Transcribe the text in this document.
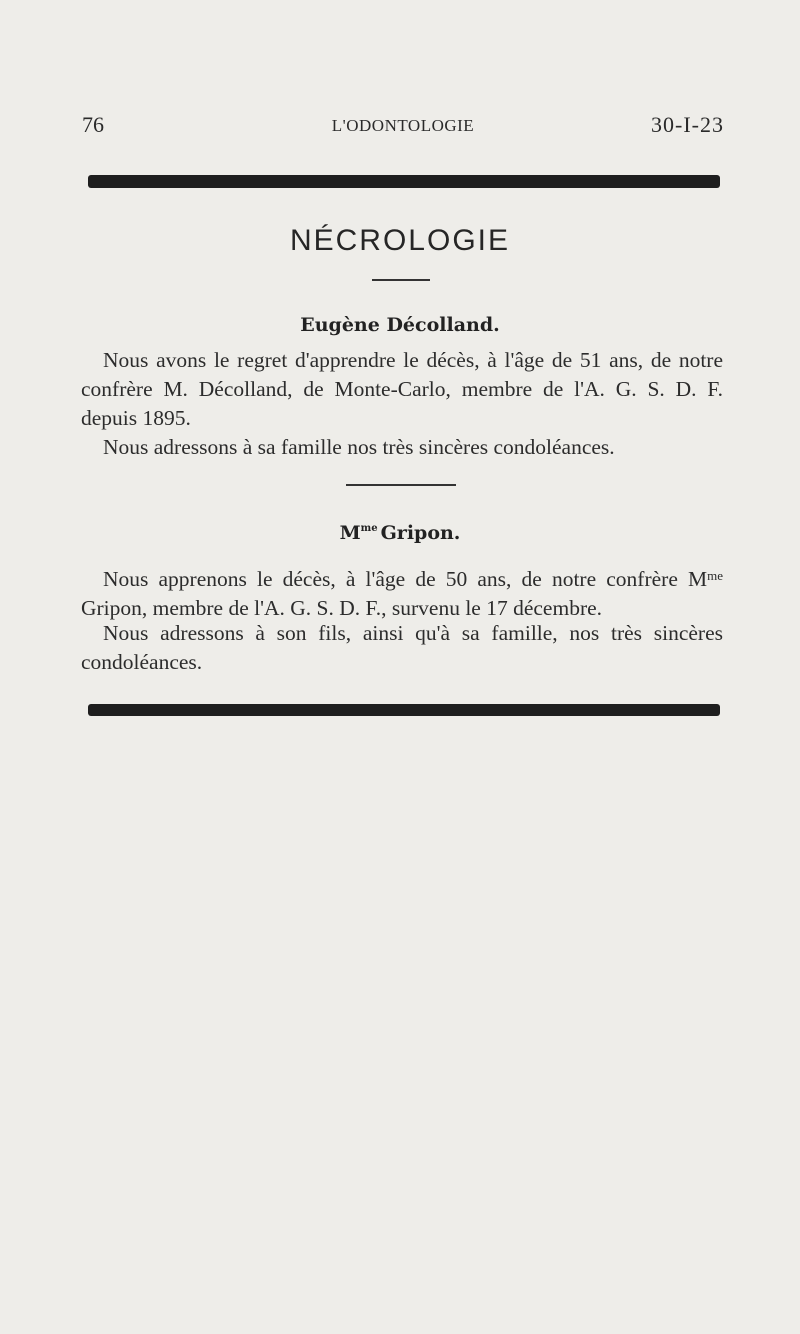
76	L'ODONTOLOGIE	30-I-23
NÉCROLOGIE
Eugène Décolland.
Nous avons le regret d'apprendre le décès, à l'âge de 51 ans, de notre confrère M. Décolland, de Monte-Carlo, membre de l'A. G. S. D. F. depuis 1895.
Nous adressons à sa famille nos très sincères condoléances.
$M^{me}$ Gripon.
Nous apprenons le décès, à l'âge de 50 ans, de notre confrère $M^{me}$ Gripon, membre de l'A. G. S. D. F., survenu le 17 décembre.
Nous adressons à son fils, ainsi qu'à sa famille, nos très sincères condoléances.
